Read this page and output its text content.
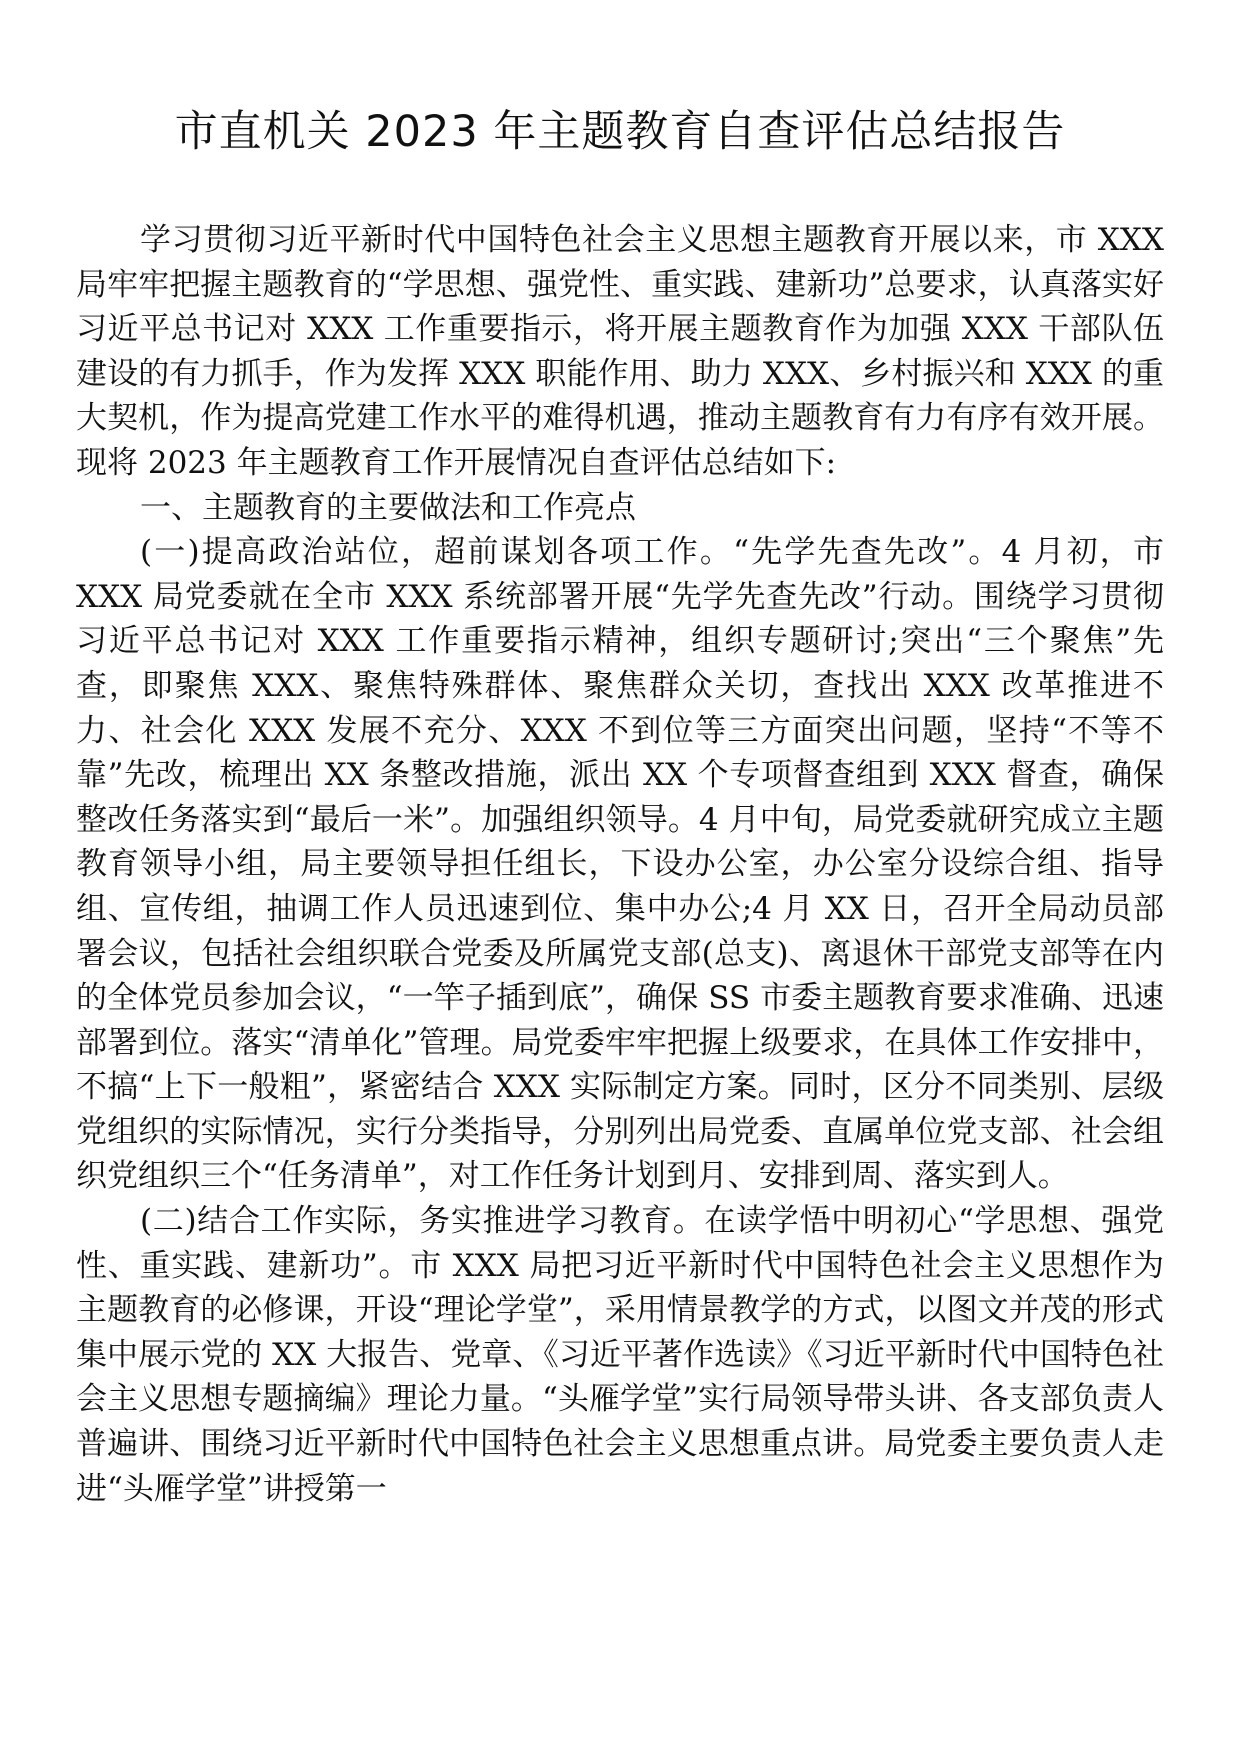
市直机关 2023 年主题教育自查评估总结报告

学习贯彻习近平新时代中国特色社会主义思想主题教育开展以来，市 XXX 局牢牢把握主题教育的“学思想、强党性、重实践、建新功”总要求，认真落实好习近平总书记对 XXX 工作重要指示，将开展主题教育作为加强 XXX 干部队伍建设的有力抓手，作为发挥 XXX 职能作用、助力 XXX、乡村振兴和 XXX 的重大契机，作为提高党建工作水平的难得机遇，推动主题教育有力有序有效开展。现将 2023 年主题教育工作开展情况自查评估总结如下:

一、主题教育的主要做法和工作亮点

(一)提高政治站位，超前谋划各项工作。“先学先查先改”。4 月初，市 XXX 局党委就在全市 XXX 系统部署开展“先学先查先改”行动。围绕学习贯彻习近平总书记对 XXX 工作重要指示精神，组织专题研讨;突出“三个聚焦”先查，即聚焦 XXX、聚焦特殊群体、聚焦群众关切，查找出 XXX 改革推进不力、社会化 XXX 发展不充分、XXX 不到位等三方面突出问题，坚持“不等不靠”先改，梳理出 XX 条整改措施，派出 XX 个专项督查组到 XXX 督查，确保整改任务落实到“最后一米”。加强组织领导。4 月中旬，局党委就研究成立主题教育领导小组，局主要领导担任组长，下设办公室，办公室分设综合组、指导组、宣传组，抽调工作人员迅速到位、集中办公;4 月 XX 日，召开全局动员部署会议，包括社会组织联合党委及所属党支部(总支)、离退休干部党支部等在内的全体党员参加会议，“一竿子插到底”，确保 SS 市委主题教育要求准确、迅速部署到位。落实“清单化”管理。局党委牢牢把握上级要求，在具体工作安排中，不搞“上下一般粗”，紧密结合 XXX 实际制定方案。同时，区分不同类别、层级党组织的实际情况，实行分类指导，分别列出局党委、直属单位党支部、社会组织党组织三个“任务清单”，对工作任务计划到月、安排到周、落实到人。

(二)结合工作实际，务实推进学习教育。在读学悟中明初心“学思想、强党性、重实践、建新功”。市 XXX 局把习近平新时代中国特色社会主义思想作为主题教育的必修课，开设“理论学堂”，采用情景教学的方式，以图文并茂的形式集中展示党的 XX 大报告、党章、《习近平著作选读》《习近平新时代中国特色社会主义思想专题摘编》理论力量。“头雁学堂”实行局领导带头讲、各支部负责人普遍讲、围绕习近平新时代中国特色社会主义思想重点讲。局党委主要负责人走进“头雁学堂”讲授第一
